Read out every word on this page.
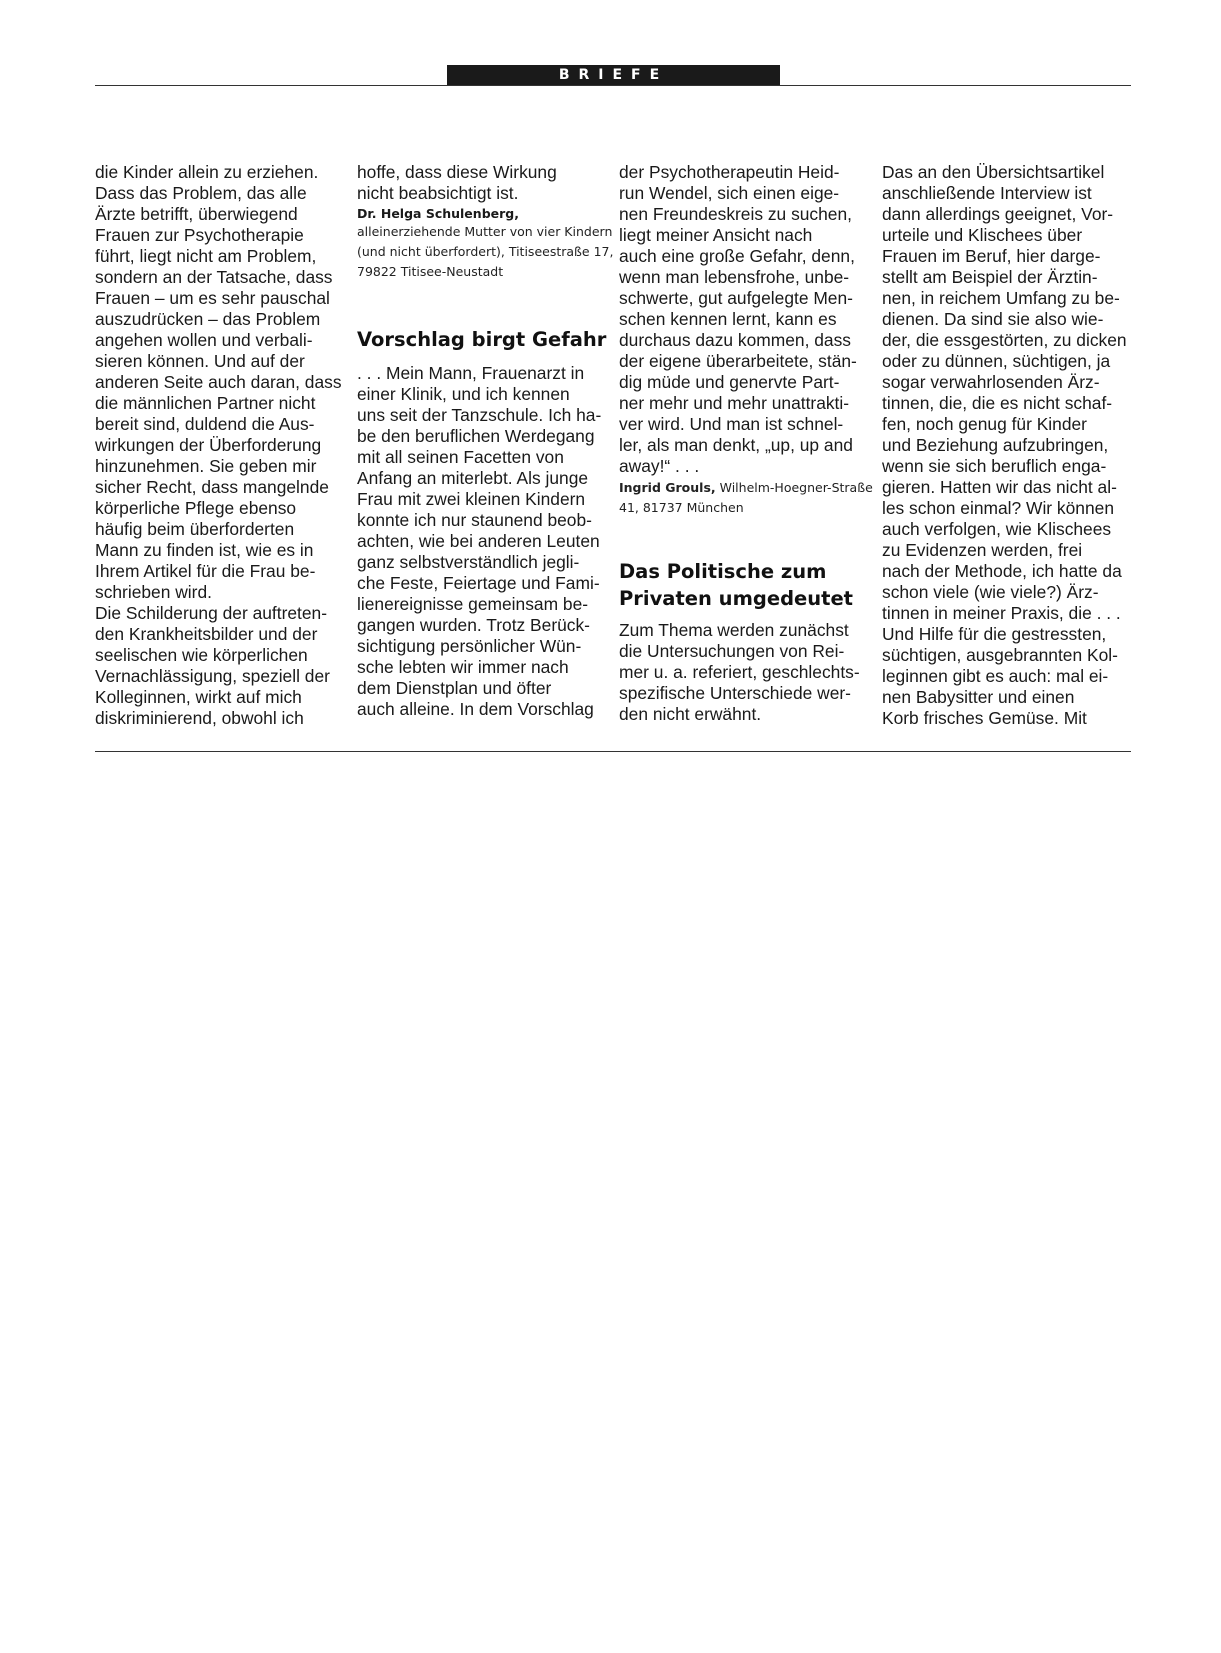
BRIEFE
die Kinder allein zu erziehen.
Dass das Problem, das alle
Ärzte betrifft, überwiegend
Frauen zur Psychotherapie
führt, liegt nicht am Problem,
sondern an der Tatsache, dass
Frauen – um es sehr pauschal
auszudrücken – das Problem
angehen wollen und verbali-
sieren können. Und auf der
anderen Seite auch daran, dass
die männlichen Partner nicht
bereit sind, duldend die Aus-
wirkungen der Überforderung
hinzunehmen. Sie geben mir
sicher Recht, dass mangelnde
körperliche Pflege ebenso
häufig beim überforderten
Mann zu finden ist, wie es in
Ihrem Artikel für die Frau be-
schrieben wird.
Die Schilderung der auftreten-
den Krankheitsbilder und der
seelischen wie körperlichen
Vernachlässigung, speziell der
Kolleginnen, wirkt auf mich
diskriminierend, obwohl ich
hoffe, dass diese Wirkung
nicht beabsichtigt ist.
Dr. Helga Schulenberg,
alleinerziehende Mutter von vier Kindern
(und nicht überfordert), Titiseestraße 17,
79822 Titisee-Neustadt
Vorschlag birgt Gefahr
. . . Mein Mann, Frauenarzt in
einer Klinik, und ich kennen
uns seit der Tanzschule. Ich ha-
be den beruflichen Werdegang
mit all seinen Facetten von
Anfang an miterlebt. Als junge
Frau mit zwei kleinen Kindern
konnte ich nur staunend beob-
achten, wie bei anderen Leuten
ganz selbstverständlich jegli-
che Feste, Feiertage und Fami-
lienereignisse gemeinsam be-
gangen wurden. Trotz Berück-
sichtigung persönlicher Wün-
sche lebten wir immer nach
dem Dienstplan und öfter
auch alleine. In dem Vorschlag
der Psychotherapeutin Heid-
run Wendel, sich einen eige-
nen Freundeskreis zu suchen,
liegt meiner Ansicht nach
auch eine große Gefahr, denn,
wenn man lebensfrohe, unbe-
schwerte, gut aufgelegte Men-
schen kennen lernt, kann es
durchaus dazu kommen, dass
der eigene überarbeitete, stän-
dig müde und genervte Part-
ner mehr und mehr unattrakti-
ver wird. Und man ist schnel-
ler, als man denkt, „up, up and
away!“ . . .
Ingrid Grouls, Wilhelm-Hoegner-Straße
41, 81737 München
Das Politische zum
Privaten umgedeutet
Zum Thema werden zunächst
die Untersuchungen von Rei-
mer u. a. referiert, geschlechts-
spezifische Unterschiede wer-
den nicht erwähnt.
Das an den Übersichtsartikel
anschließende Interview ist
dann allerdings geeignet, Vor-
urteile und Klischees über
Frauen im Beruf, hier darge-
stellt am Beispiel der Ärztin-
nen, in reichem Umfang zu be-
dienen. Da sind sie also wie-
der, die essgestörten, zu dicken
oder zu dünnen, süchtigen, ja
sogar verwahrlosenden Ärz-
tinnen, die, die es nicht schaf-
fen, noch genug für Kinder
und Beziehung aufzubringen,
wenn sie sich beruflich enga-
gieren. Hatten wir das nicht al-
les schon einmal? Wir können
auch verfolgen, wie Klischees
zu Evidenzen werden, frei
nach der Methode, ich hatte da
schon viele (wie viele?) Ärz-
tinnen in meiner Praxis, die . . .
Und Hilfe für die gestressten,
süchtigen, ausgebrannten Kol-
leginnen gibt es auch: mal ei-
nen Babysitter und einen
Korb frisches Gemüse. Mit
